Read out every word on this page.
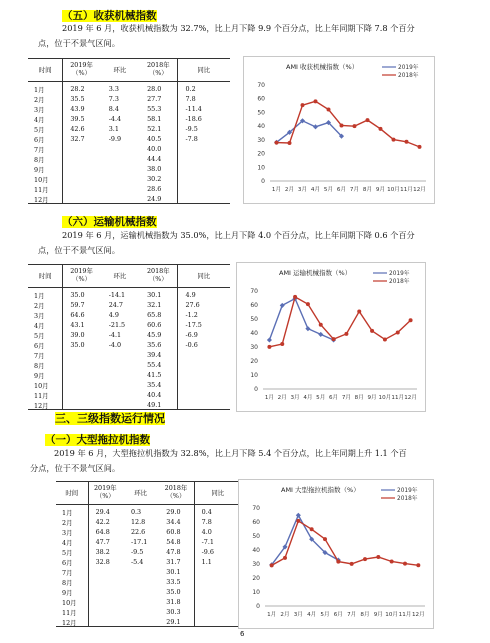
（五）收获机械指数
2019 年 6 月，收获机械指数为 32.7%，比上月下降 9.9 个百分点，比上年同期下降 7.8 个百分
点，位于不景气区间。
时间
2019年
（%）	环比
2018年
（%）	同比
1月	28.2	3.3	28.0	0.2
2月	35.5	7.3	27.7	7.8
3月	43.9	8.4	55.3	-11.4
4月	39.5	-4.4	58.1	-18.6
5月	42.6	3.1	52.1	-9.5
6月	32.7	-9.9	40.5	-7.8
7月	40.0
8月	44.4
9月	38.0
10月	30.2
11月	28.6
12月	24.9
AMI 收获机械指数（%）
0
10
20
30
40
50
60
70
1月 2月 3月 4月 5月 6月 7月 8月 9月 10月 11月 12月
2019年
2018年
（六）运输机械指数
2019 年 6 月，运输机械指数为 35.0%，比上月下降 4.0 个百分点，比上年同期下降 0.6 个百分
点，位于不景气区间。
时间
2019年
（%）	环比
2018年
（%）	同比
1月	35.0	-14.1	30.1	4.9
2月	59.7	24.7	32.1	27.6
3月	64.6	4.9	65.8	-1.2
4月	43.1	-21.5	60.6	-17.5
5月	39.0	-4.1	45.9	-6.9
6月	35.0	-4.0	35.6	-0.6
7月	39.4
8月	55.4
9月	41.5
10月	35.4
11月	40.4
12月	49.1
AMI 运输机械指数（%）
0
10
20
30
40
50
60
70
1月 2月 3月 4月 5月 6月 7月 8月 9月 10月 11月 12月
2019年
2018年
三、三级指数运行情况
（一）大型拖拉机指数
2019 年 6 月，大型拖拉机指数为 32.8%，比上月下降 5.4 个百分点，比上年同期上升 1.1 个百
分点，位于不景气区间。
时间
2019年
（%）	环比
2018年
（%）	同比
1月	29.4	0.3	29.0	0.4
2月	42.2	12.8	34.4	7.8
3月	64.8	22.6	60.8	4.0
4月	47.7	-17.1	54.8	-7.1
5月	38.2	-9.5	47.8	-9.6
6月	32.8	-5.4	31.7	1.1
7月	30.1
8月	33.5
9月	35.0
10月	31.8
11月	30.3
12月	29.1
AMI 大型拖拉机指数（%）
0
10
20
30
40
50
60
70
1月 2月 3月 4月 5月 6月 7月 8月 9月 10月 11月 12月
2019年
2018年
6
